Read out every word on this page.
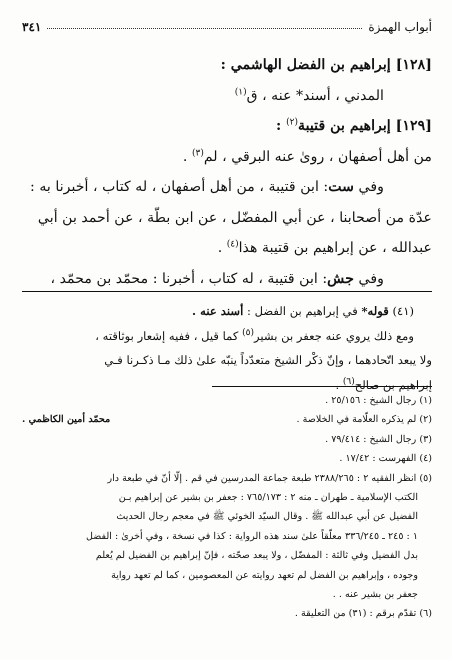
أبواب الهمزة
٣٤١

[١٢٨] إبراهيم بن الفضل الهاشمي :

المدني ، أسند* عنه ، ق$^{(١)}$

[١٢٩] إبراهيم بن قتيبة$^{(٢)}$ :

من أهل أصفهان ، روىٰ عنه البرقي ، لم$^{(٣)}$ .

وفي ست: ابن قتيبة ، من أهل أصفهان ، له كتاب ، أخبرنا به :

عدّة من أصحابنا ، عن أبي المفضّل ، عن ابن بطّة ، عن أحمد بن أبي

عبدالله ، عن إبراهيم بن قتيبة هذا$^{(٤)}$ .

وفي جش: ابن قتيبة ، له كتاب ، أخبرنا : محمّد بن محمّد ،

(٤١) قوله* في إبراهيم بن الفضل : أسند عنه .

ومع ذلك يروي عنه جعفر بن بشير$^{(٥)}$ كما قيل ، ففيه إشعار بوثاقته ،

ولا يبعد اتّحادهما ، وإنّ ذكْر الشيخ متعدّداً ينبّه علىٰ ذلك مـا ذكـرنا فـي

إبراهيم بن صالح$^{(٦)}$ .

(١) رجال الشيخ : ٢٥/١٥٦ .

(٢) لم يذكره العلّامة في الخلاصة .
محمّد أمين الكاظمي .

(٣) رجال الشيخ : ٧٩/٤١٤ .

(٤) الفهرست : ١٧/٤٢ .

(٥) انظر الفقيه ٢ : ٢٣٨٨/٢٦٥ طبعة جماعة المدرسين في قم . إلّا أنّ في طبعة دار

الكتب الإسلامية ـ طهران ـ منه ٢ : ٧٦٥/١٧٣ : جعفر بن بشير عن إبراهيم بـن

الفضيل عن أبي عبدالله ﷺ . وقال السيّد الخوئي ﷺ في معجم رجال الحديث

١ : ٢٤٥ ـ ٣٣٦/٢٤٥ معلّقاً علىٰ سند هذه الرواية : كذا في نسخة ، وفي أخرىٰ : الفضل

بدل الفضيل وفي ثالثة : المفضّل ، ولا يبعد صحّته ، فإنّ إبراهيم بن الفضيل لم يُعلم

وجوده ، وإبراهيم بن الفضل لم تعهد روايته عن المعصومين ، كما لم تعهد رواية

جعفر بن بشير عنه . .

(٦) تقدّم برقم : (٣١) من التعليقة .
